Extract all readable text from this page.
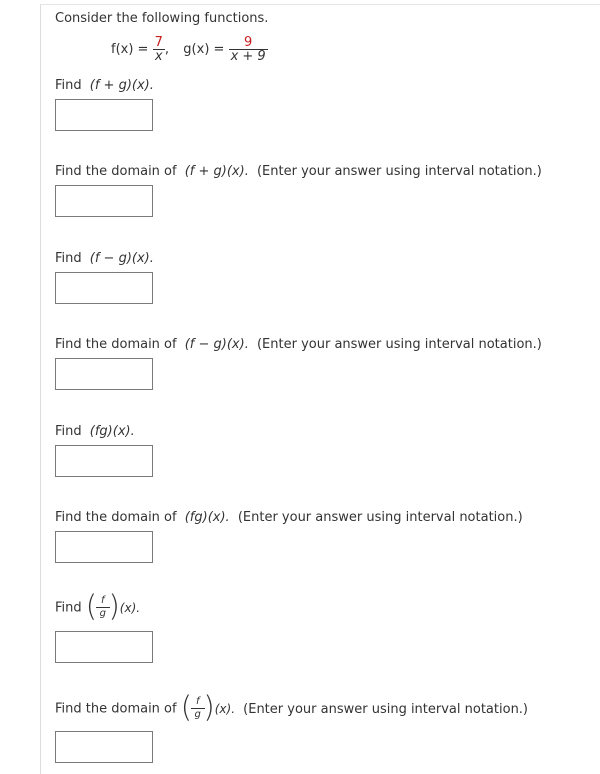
Consider the following functions.
$f(x) = \frac{7}{x}$ , $g(x) = \frac{9}{x + 9}$
Find (f + g)(x).
Find the domain of (f + g)(x). (Enter your answer using interval notation.)
Find (f − g)(x).
Find the domain of (f − g)(x). (Enter your answer using interval notation.)
Find (fg)(x).
Find the domain of (fg)(x). (Enter your answer using interval notation.)
Find (
$\frac{f}{g}$
) (x).
Find the domain of (
$\frac{f}{g}$
) (x). (Enter your answer using interval notation.)
